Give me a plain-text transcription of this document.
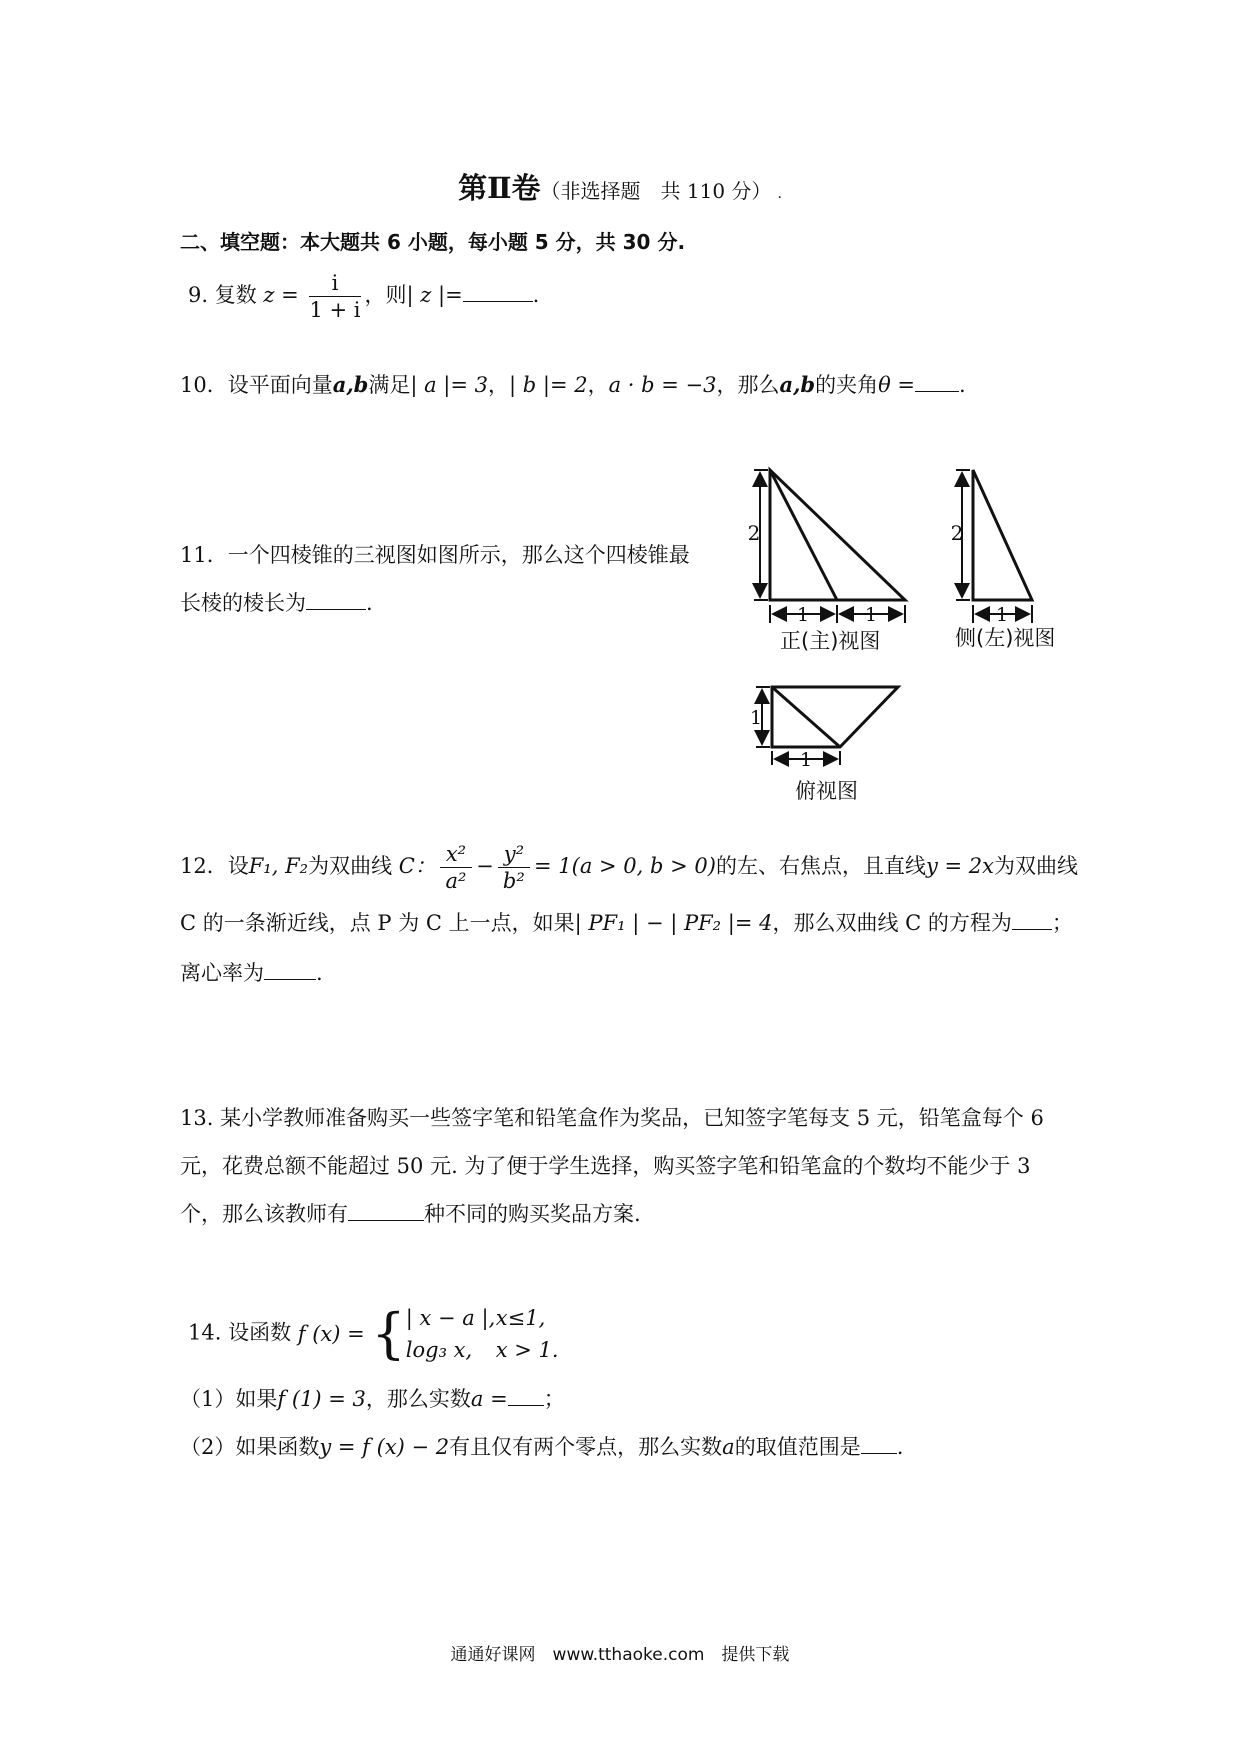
第Ⅱ卷（非选择题　共 110 分） .
二、填空题：本大题共 6 小题，每小题 5 分，共 30 分.
9. 复数 $z = \frac{i}{1 + i}$ ，则| z |=	.
10．设平面向量a,b满足| a |= 3，| b |= 2，a · b = −3，那么a,b的夹角θ = .
11．一个四棱锥的三视图如图所示，那么这个四棱锥最
长棱的棱长为	.
2
1	1
2
1
1
1
正(主)视图	侧(左)视图
俯视图
12．设F₁, F₂为双曲线 C： $\frac{\text{x²}}{\text{a²}} - \frac{\text{y²}}{\text{b²}} = 1(a > 0$, b > 0)的左、右焦点，且直线y = 2x为双曲线
C 的一条渐近线，点 P 为 C 上一点，如果| PF₁ | − | PF₂ |= 4，那么双曲线 C 的方程为 ；
离心率为 .
13. 某小学教师准备购买一些签字笔和铅笔盒作为奖品，已知签字笔每支 5 元，铅笔盒每个 6
元，花费总额不能超过 50 元. 为了便于学生选择，购买签字笔和铅笔盒的个数均不能少于 3
个，那么该教师有	种不同的购买奖品方案.
14. 设函数 f (x) = { | x − a |,x≤1,
log₃ x, x > 1.
（1）如果f (1) = 3，那么实数a = ；
（2）如果函数y = f (x) − 2有且仅有两个零点，那么实数a的取值范围是 .
通通好课网　www.tthaoke.com　提供下载
